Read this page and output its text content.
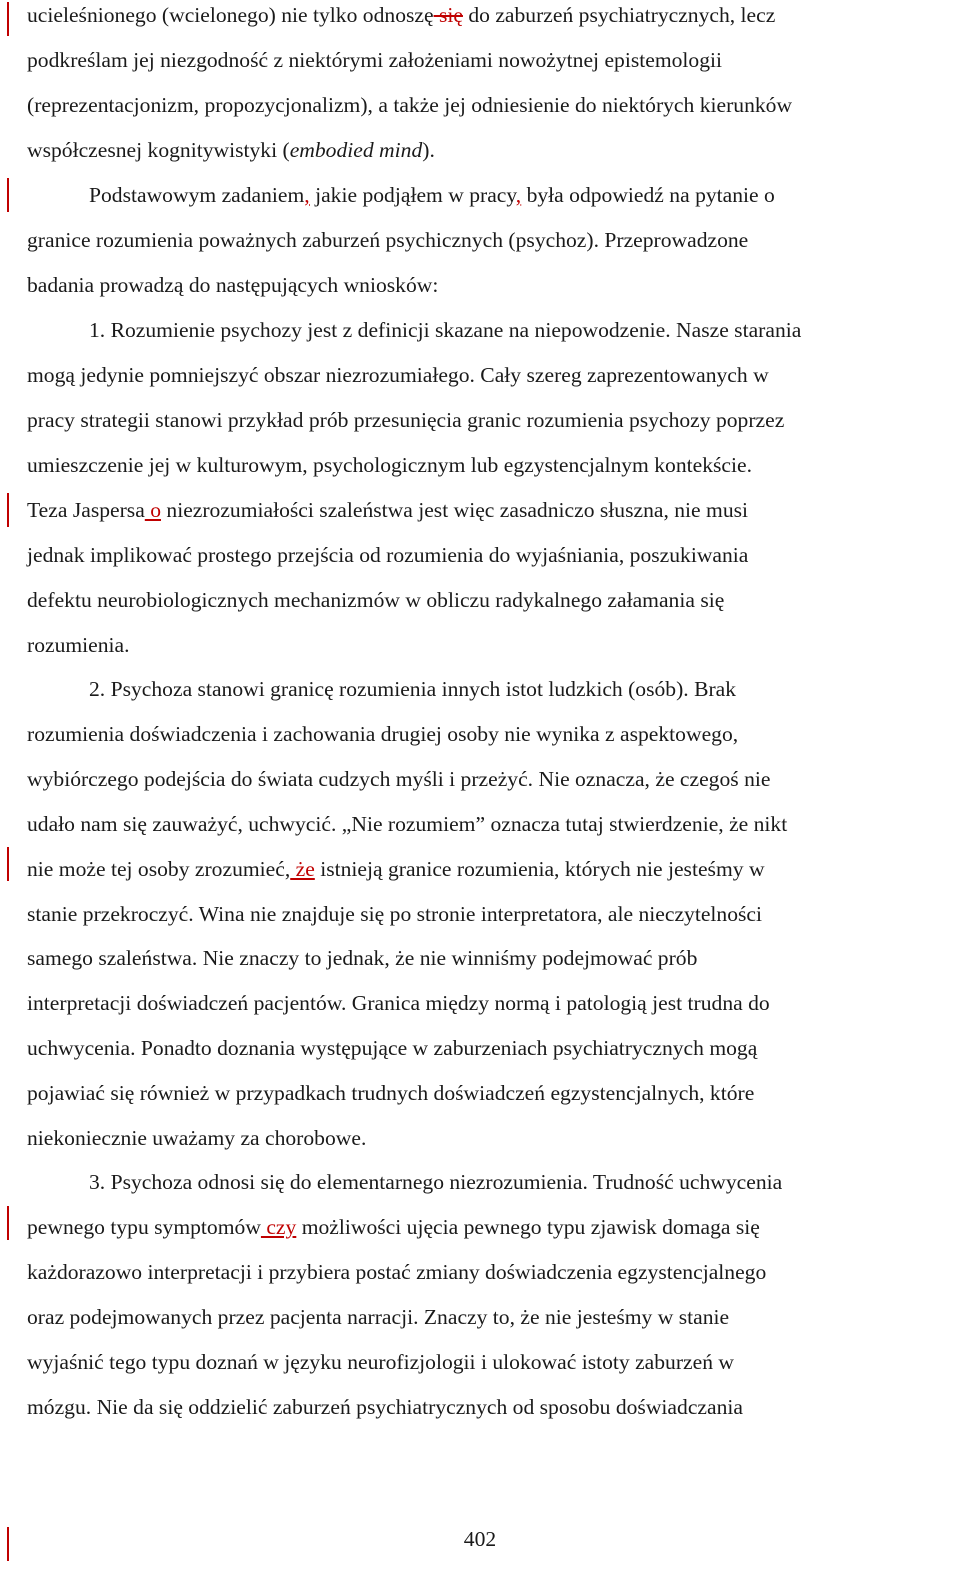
ucieleśnionego (wcielonego) nie tylko odnoszę się do zaburzeń psychiatrycznych, lecz
podkreślam jej niezgodność z niektórymi założeniami nowożytnej epistemologii
(reprezentacjonizm, propozycjonalizm), a także jej odniesienie do niektórych kierunków
współczesnej kognitywistyki (embodied mind).
Podstawowym zadaniem, jakie podjąłem w pracy, była odpowiedź na pytanie o
granice rozumienia poważnych zaburzeń psychicznych (psychoz). Przeprowadzone
badania prowadzą do następujących wniosków:
1. Rozumienie psychozy jest z definicji skazane na niepowodzenie. Nasze starania
mogą jedynie pomniejszyć obszar niezrozumiałego. Cały szereg zaprezentowanych w
pracy strategii stanowi przykład prób przesunięcia granic rozumienia psychozy poprzez
umieszczenie jej w kulturowym, psychologicznym lub egzystencjalnym kontekście.
Teza Jaspersa o niezrozumiałości szaleństwa jest więc zasadniczo słuszna, nie musi
jednak implikować prostego przejścia od rozumienia do wyjaśniania, poszukiwania
defektu neurobiologicznych mechanizmów w obliczu radykalnego załamania się
rozumienia.
2. Psychoza stanowi granicę rozumienia innych istot ludzkich (osób). Brak
rozumienia doświadczenia i zachowania drugiej osoby nie wynika z aspektowego,
wybiórczego podejścia do świata cudzych myśli i przeżyć. Nie oznacza, że czegoś nie
udało nam się zauważyć, uchwycić. „Nie rozumiem” oznacza tutaj stwierdzenie, że nikt
nie może tej osoby zrozumieć, że istnieją granice rozumienia, których nie jesteśmy w
stanie przekroczyć. Wina nie znajduje się po stronie interpretatora, ale nieczytelności
samego szaleństwa. Nie znaczy to jednak, że nie winniśmy podejmować prób
interpretacji doświadczeń pacjentów. Granica między normą i patologią jest trudna do
uchwycenia. Ponadto doznania występujące w zaburzeniach psychiatrycznych mogą
pojawiać się również w przypadkach trudnych doświadczeń egzystencjalnych, które
niekoniecznie uważamy za chorobowe.
3. Psychoza odnosi się do elementarnego niezrozumienia. Trudność uchwycenia
pewnego typu symptomów czy możliwości ujęcia pewnego typu zjawisk domaga się
każdorazowo interpretacji i przybiera postać zmiany doświadczenia egzystencjalnego
oraz podejmowanych przez pacjenta narracji. Znaczy to, że nie jesteśmy w stanie
wyjaśnić tego typu doznań w języku neurofizjologii i ulokować istoty zaburzeń w
mózgu. Nie da się oddzielić zaburzeń psychiatrycznych od sposobu doświadczania
402
